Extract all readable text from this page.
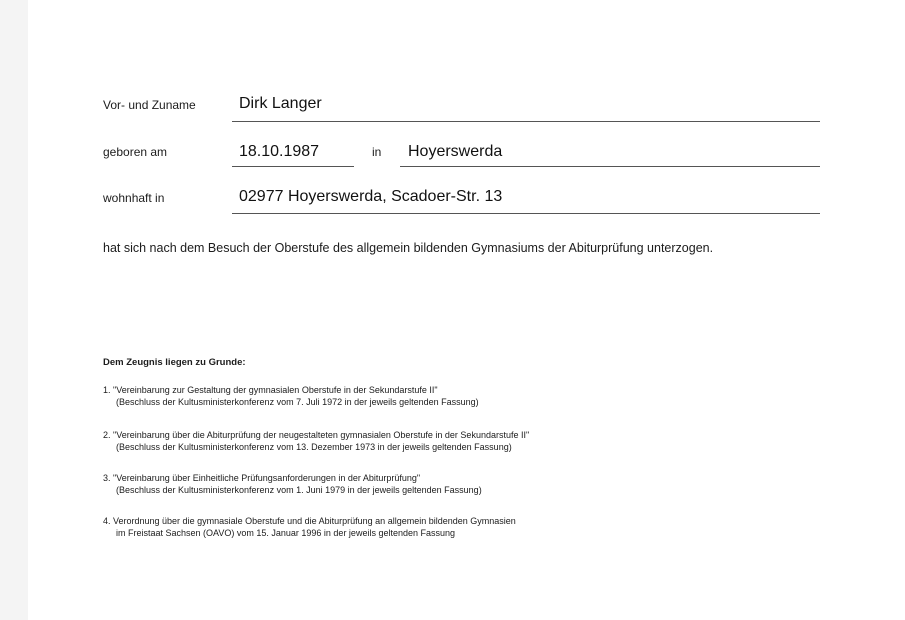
Vor- und Zuname	Dirk Langer
geboren am	18.10.1987	in Hoyerswerda
wohnhaft in	02977 Hoyerswerda, Scadoer-Str. 13
hat sich nach dem Besuch der Oberstufe des allgemein bildenden Gymnasiums der Abiturprüfung unterzogen.
Dem Zeugnis liegen zu Grunde:
1. "Vereinbarung zur Gestaltung der gymnasialen Oberstufe in der Sekundarstufe II"
(Beschluss der Kultusministerkonferenz vom 7. Juli 1972 in der jeweils geltenden Fassung)
2. "Vereinbarung über die Abiturprüfung der neugestalteten gymnasialen Oberstufe in der Sekundarstufe II"
(Beschluss der Kultusministerkonferenz vom 13. Dezember 1973 in der jeweils geltenden Fassung)
3. "Vereinbarung über Einheitliche Prüfungsanforderungen in der Abiturprüfung"
(Beschluss der Kultusministerkonferenz vom 1. Juni 1979 in der jeweils geltenden Fassung)
4. Verordnung über die gymnasiale Oberstufe und die Abiturprüfung an allgemein bildenden Gymnasien
im Freistaat Sachsen (OAVO) vom 15. Januar 1996 in der jeweils geltenden Fassung
